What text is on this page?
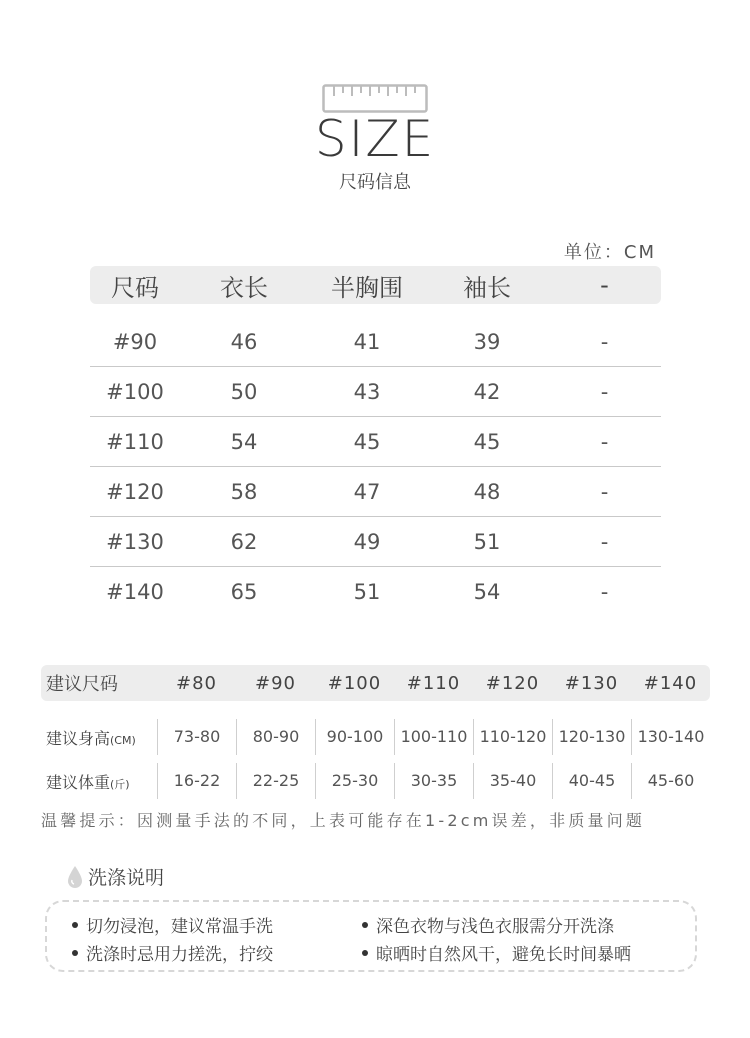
SIZE
尺码信息
单位：CM
尺码	衣长	半胸围	袖长	-
#90	46	41	39	-
#100	50	43	42	-
#110	54	45	45	-
#120	58	47	48	-
#130	62	49	51	-
#140	65	51	54	-
建议尺码	#80	#90	#100	#110	#120	#130	#140
建议身高(CM)	73-80	80-90	90-100	100-110 110-120 120-130 130-140
建议体重(斤)	16-22	22-25	25-30	30-35	35-40	40-45	45-60
温馨提示：因测量手法的不同，上表可能存在1-2cm误差，非质量问题
洗涤说明
切勿浸泡，建议常温手洗	深色衣物与浅色衣服需分开洗涤
洗涤时忌用力搓洗，拧绞	晾晒时自然风干，避免长时间暴晒
